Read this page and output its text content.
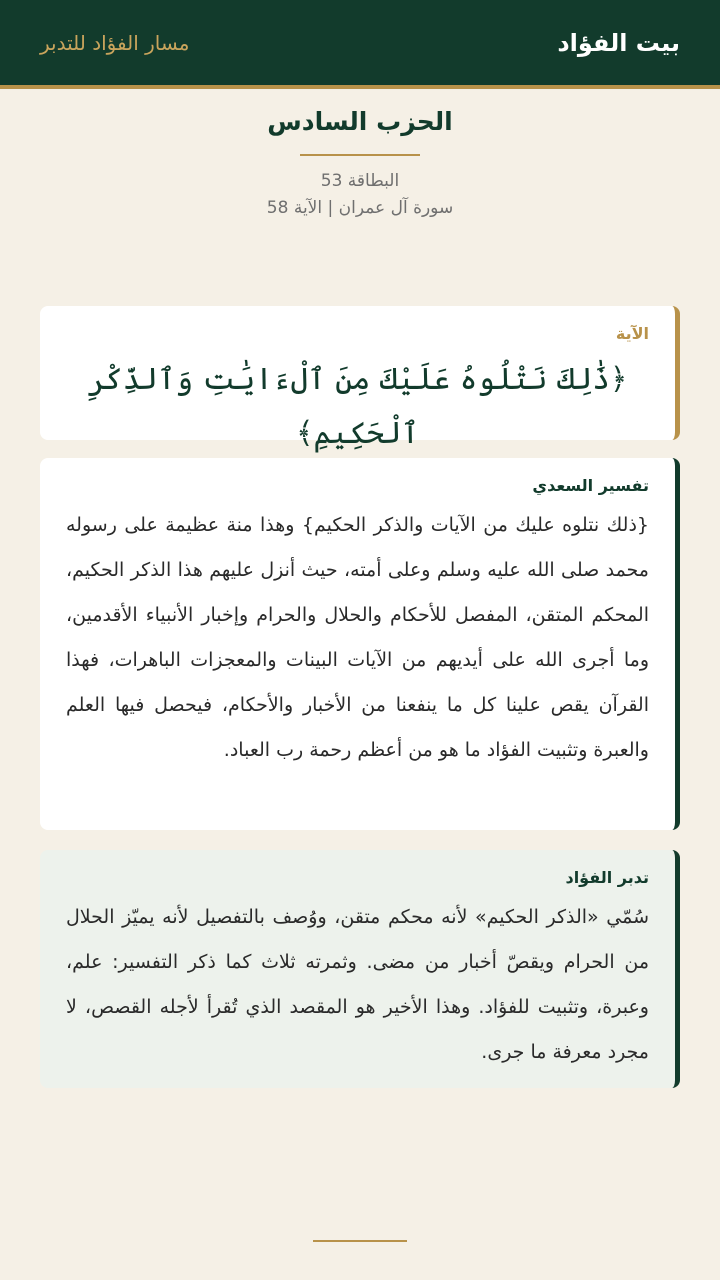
بيت الفؤاد
مسار الفؤاد للتدبر
الحزب السادس
البطاقة 53
سورة آل عمران | الآية 58
الآية
﴿ذَٰلِكَ نَتْلُوهُ عَلَيْكَ مِنَ ٱلْءَايَٰتِ وَٱلذِّكْرِ ٱلْحَكِيمِ﴾
تفسير السعدي
{ذلك نتلوه عليك من الآيات والذكر الحكيم} وهذا منة عظيمة على رسوله محمد صلى الله عليه وسلم وعلى أمته، حيث أنزل عليهم هذا الذكر الحكيم، المحكم المتقن، المفصل للأحكام والحلال والحرام وإخبار الأنبياء الأقدمين، وما أجرى الله على أيديهم من الآيات البينات والمعجزات الباهرات، فهذا القرآن يقص علينا كل ما ينفعنا من الأخبار والأحكام، فيحصل فيها العلم والعبرة وتثبيت الفؤاد ما هو من أعظم رحمة رب العباد.
تدبر الفؤاد
سُمّي «الذكر الحكيم» لأنه محكم متقن، ووُصف بالتفصيل لأنه يميّز الحلال من الحرام ويقصّ أخبار من مضى. وثمرته ثلاث كما ذكر التفسير: علم، وعبرة، وتثبيت للفؤاد. وهذا الأخير هو المقصد الذي تُقرأ لأجله القصص، لا مجرد معرفة ما جرى.
